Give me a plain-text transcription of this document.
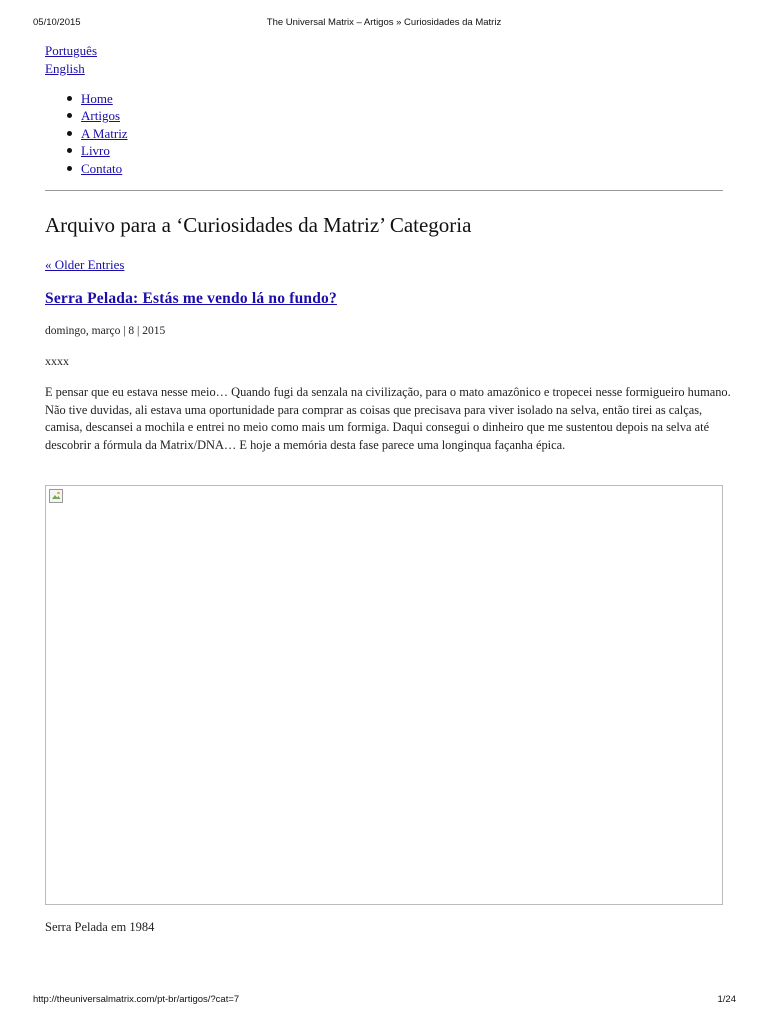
05/10/2015	The Universal Matrix – Artigos » Curiosidades da Matriz
Português
English
Home
Artigos
A Matriz
Livro
Contato
Arquivo para a ‘Curiosidades da Matriz’ Categoria
« Older Entries
Serra Pelada: Estás me vendo lá no fundo?
domingo, março | 8 | 2015
xxxx

E pensar que eu estava nesse meio… Quando fugi da senzala na civilização, para o mato amazônico e tropecei nesse formigueiro humano. Não tive duvidas, ali estava uma oportunidade para comprar as coisas que precisava para viver isolado na selva, então tirei as calças, camisa, descansei a mochila e entrei no meio como mais um formiga. Daqui consegui o dinheiro que me sustentou depois na selva até descobrir a fórmula da Matrix/DNA… E hoje a memória desta fase parece uma longinqua façanha épica.

Serra Pelada em 1984
http://theuniversalmatrix.com/pt-br/artigos/?cat=7	1/24
